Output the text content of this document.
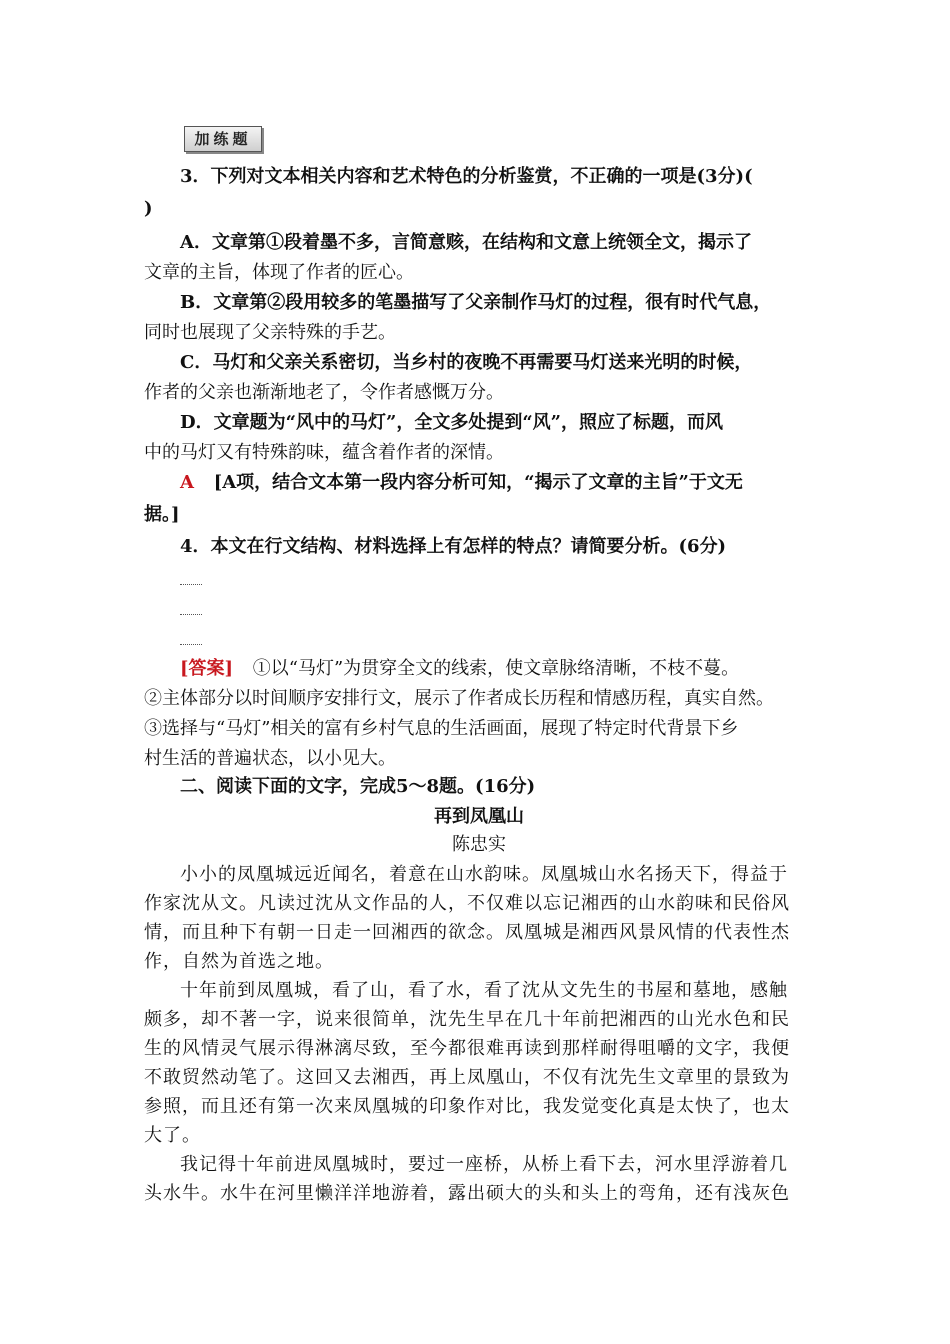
加练题
3．下列对文本相关内容和艺术特色的分析鉴赏，不正确的一项是(3分)(
)
A．文章第①段着墨不多，言简意赅，在结构和文意上统领全文，揭示了
文章的主旨，体现了作者的匠心。
B．文章第②段用较多的笔墨描写了父亲制作马灯的过程，很有时代气息，
同时也展现了父亲特殊的手艺。
C．马灯和父亲关系密切，当乡村的夜晚不再需要马灯送来光明的时候，
作者的父亲也渐渐地老了，令作者感慨万分。
D．文章题为“风中的马灯”，全文多处提到“风”，照应了标题，而风
中的马灯又有特殊韵味，蕴含着作者的深情。
A [A项，结合文本第一段内容分析可知，“揭示了文章的主旨”于文无
据。]
4．本文在行文结构、材料选择上有怎样的特点？请简要分析。(6分)
[答案] ①以“马灯”为贯穿全文的线索，使文章脉络清晰，不枝不蔓。
②主体部分以时间顺序安排行文，展示了作者成长历程和情感历程，真实自然。
③选择与“马灯”相关的富有乡村气息的生活画面，展现了特定时代背景下乡
村生活的普遍状态，以小见大。
二、阅读下面的文字，完成5～8题。(16分)
再到凤凰山
陈忠实
小小的凤凰城远近闻名，着意在山水韵味。凤凰城山水名扬天下，得益于
作家沈从文。凡读过沈从文作品的人，不仅难以忘记湘西的山水韵味和民俗风
情，而且种下有朝一日走一回湘西的欲念。凤凰城是湘西风景风情的代表性杰
作，自然为首选之地。
十年前到凤凰城，看了山，看了水，看了沈从文先生的书屋和墓地，感触
颇多，却不著一字，说来很简单，沈先生早在几十年前把湘西的山光水色和民
生的风情灵气展示得淋漓尽致，至今都很难再读到那样耐得咀嚼的文字，我便
不敢贸然动笔了。这回又去湘西，再上凤凰山，不仅有沈先生文章里的景致为
参照，而且还有第一次来凤凰城的印象作对比，我发觉变化真是太快了，也太
大了。
我记得十年前进凤凰城时，要过一座桥，从桥上看下去，河水里浮游着几
头水牛。水牛在河里懒洋洋地游着，露出硕大的头和头上的弯角，还有浅灰色
